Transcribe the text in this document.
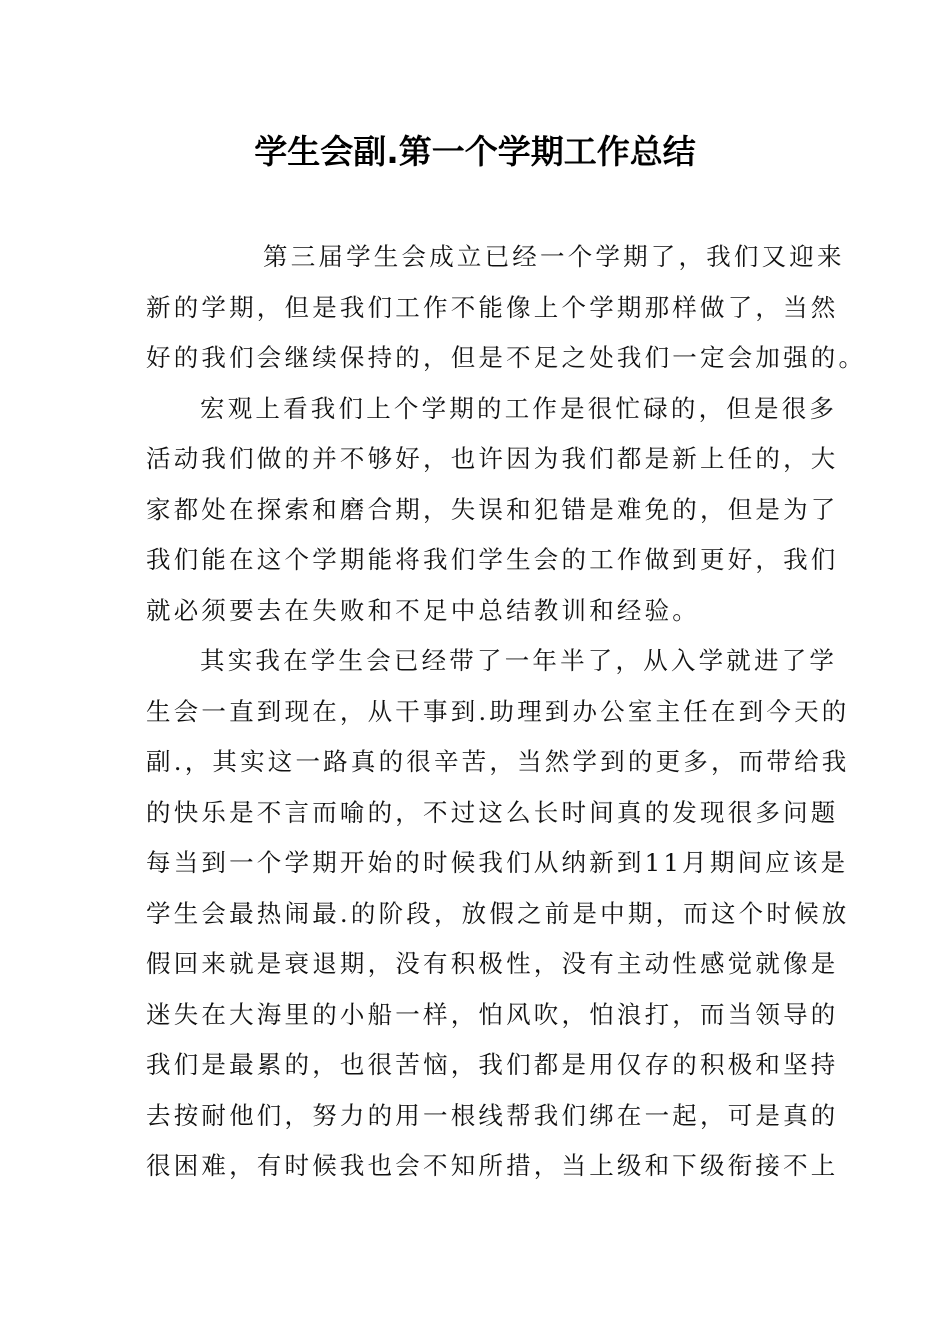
学生会副.第一个学期工作总结
第三届学生会成立已经一个学期了，我们又迎来
新的学期，但是我们工作不能像上个学期那样做了，当然
好的我们会继续保持的，但是不足之处我们一定会加强的。
宏观上看我们上个学期的工作是很忙碌的，但是很多
活动我们做的并不够好，也许因为我们都是新上任的，大
家都处在探索和磨合期，失误和犯错是难免的，但是为了
我们能在这个学期能将我们学生会的工作做到更好，我们
就必须要去在失败和不足中总结教训和经验。
其实我在学生会已经带了一年半了，从入学就进了学
生会一直到现在，从干事到.助理到办公室主任在到今天的
副.，其实这一路真的很辛苦，当然学到的更多，而带给我
的快乐是不言而喻的，不过这么长时间真的发现很多问题
每当到一个学期开始的时候我们从纳新到11月期间应该是
学生会最热闹最.的阶段，放假之前是中期，而这个时候放
假回来就是衰退期，没有积极性，没有主动性感觉就像是
迷失在大海里的小船一样，怕风吹，怕浪打，而当领导的
我们是最累的，也很苦恼，我们都是用仅存的积极和坚持
去按耐他们，努力的用一根线帮我们绑在一起，可是真的
很困难，有时候我也会不知所措，当上级和下级衔接不上
